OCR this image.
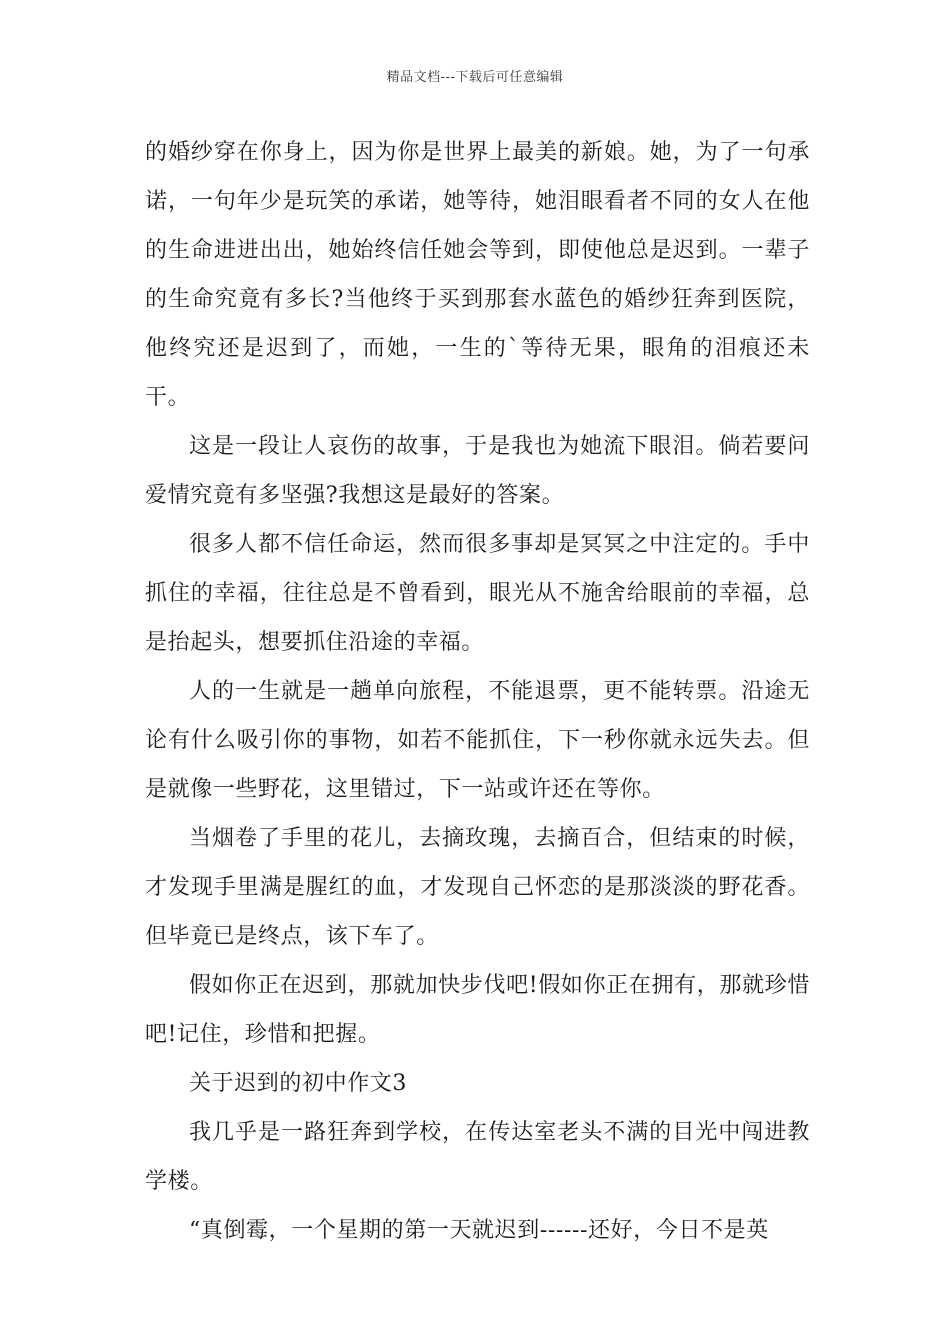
精品文档---下载后可任意编辑

的婚纱穿在你身上，因为你是世界上最美的新娘。她，为了一句承诺，一句年少是玩笑的承诺，她等待，她泪眼看者不同的女人在他的生命进进出出，她始终信任她会等到，即使他总是迟到。一辈子的生命究竟有多长?当他终于买到那套水蓝色的婚纱狂奔到医院，他终究还是迟到了，而她，一生的`等待无果，眼角的泪痕还未干。

这是一段让人哀伤的故事，于是我也为她流下眼泪。倘若要问爱情究竟有多坚强?我想这是最好的答案。

很多人都不信任命运，然而很多事却是冥冥之中注定的。手中抓住的幸福，往往总是不曾看到，眼光从不施舍给眼前的幸福，总是抬起头，想要抓住沿途的幸福。

人的一生就是一趟单向旅程，不能退票，更不能转票。沿途无论有什么吸引你的事物，如若不能抓住，下一秒你就永远失去。但是就像一些野花，这里错过，下一站或许还在等你。

当烟卷了手里的花儿，去摘玫瑰，去摘百合，但结束的时候，才发现手里满是腥红的血，才发现自己怀恋的是那淡淡的野花香。但毕竟已是终点，该下车了。

假如你正在迟到，那就加快步伐吧!假如你正在拥有，那就珍惜吧!记住，珍惜和把握。

关于迟到的初中作文3

我几乎是一路狂奔到学校，在传达室老头不满的目光中闯进教学楼。

“真倒霉，一个星期的第一天就迟到------还好，今日不是英
